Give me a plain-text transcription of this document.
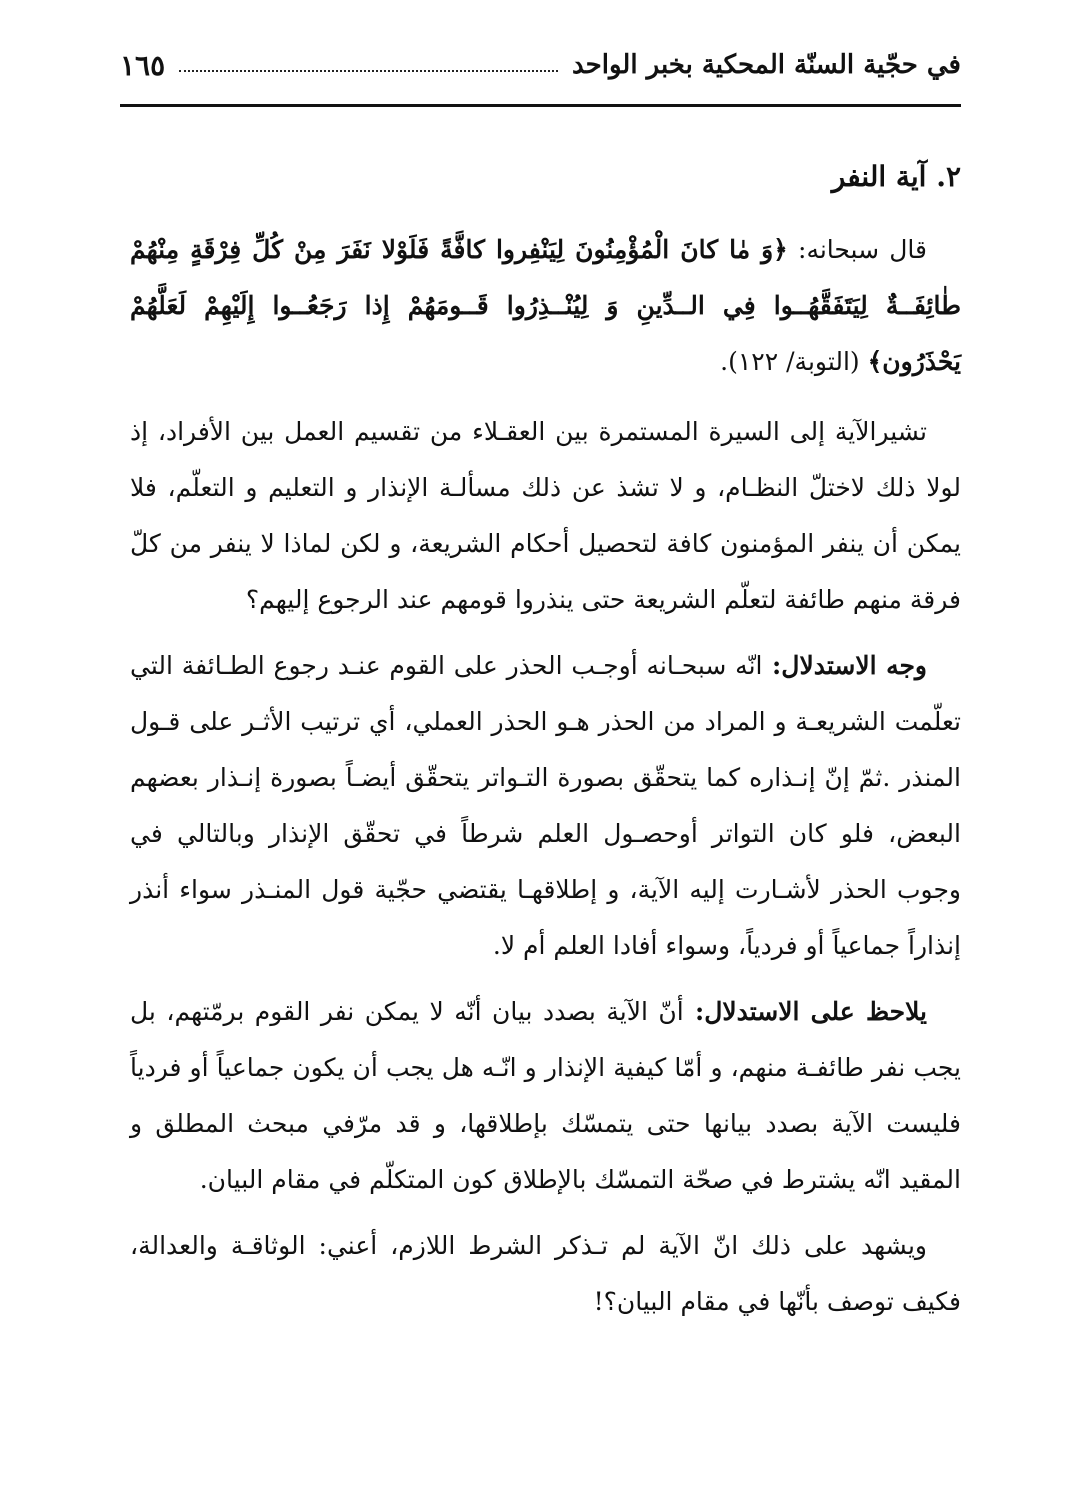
في حجّية السنّة المحكية بخبر الواحد
١٦٥
٢. آية النفر

قال سبحانه: ﴿وَ مٰا كانَ الْمُؤْمِنُونَ لِيَنْفِروا كافَّةً فَلَوْلا نَفَرَ مِنْ كُلِّ فِرْقَةٍ مِنْهُمْ طٰائِفَــةٌ لِيَتَفَقَّهُــوا فِي الــدِّينِ وَ لِيُنْــذِرُوا قَــومَهُمْ إِذا رَجَعُــوا إِلَيْهِمْ لَعَلَّهُمْ يَحْذَرُون﴾ (التوبة/ ١٢٢).

تشيرالآية إلى السيرة المستمرة بين العقـلاء من تقسيم العمل بين الأفراد، إذ لولا ذلك لاختلّ النظـام، و لا تشذ عن ذلك مسألـة الإنذار و التعليم و التعلّم، فلا يمكن أن ينفر المؤمنون كافة لتحصيل أحكام الشريعة، و لكن لماذا لا ينفر من كلّ فرقة منهم طائفة لتعلّم الشريعة حتى ينذروا قومهم عند الرجوع إليهم؟

وجه الاستدلال: انّه سبحـانه أوجـب الحذر على القوم عنـد رجوع الطـائفة التي تعلّمت الشريعـة و المراد من الحذر هـو الحذر العملي، أي ترتيب الأثـر على قـول المنذر .ثمّ إنّ إنـذاره كما يتحقّق بصورة التـواتر يتحقّق أيضـاً بصورة إنـذار بعضهم البعض، فلو كان التواتر أوحصـول العلم شرطاً في تحقّق الإنذار وبالتالي في وجوب الحذر لأشـارت إليه الآية، و إطلاقهـا يقتضي حجّية قول المنـذر سواء أنذر إنذاراً جماعياً أو فردياً، وسواء أفادا العلم أم لا.

يلاحظ على الاستدلال: أنّ الآية بصدد بيان أنّه لا يمكن نفر القوم برمّتهم، بل يجب نفر طائفـة منهم، و أمّا كيفية الإنذار و انّـه هل يجب أن يكون جماعياً أو فردياً فليست الآية بصدد بيانها حتى يتمسّك بإطلاقها، و قد مرّفي مبحث المطلق و المقيد انّه يشترط في صحّة التمسّك بالإطلاق كون المتكلّم في مقام البيان.

ويشهد على ذلك انّ الآية لم تـذكر الشرط اللازم، أعني: الوثاقـة والعدالة، فكيف توصف بأنّها في مقام البيان؟!
